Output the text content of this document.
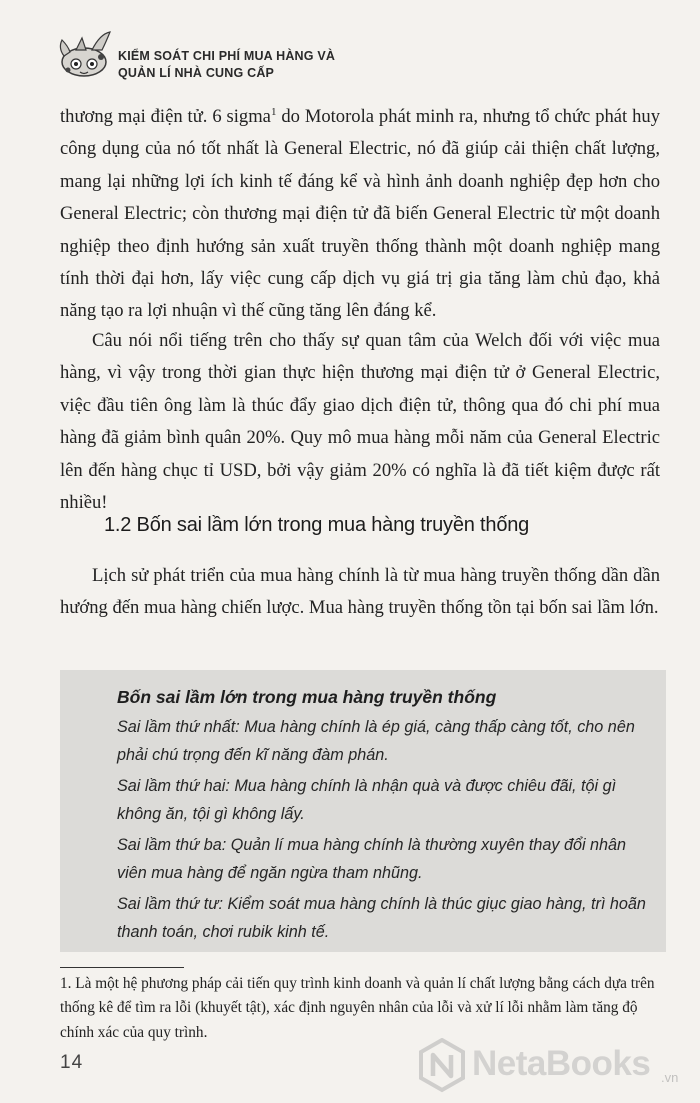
KIỂM SOÁT CHI PHÍ MUA HÀNG VÀ
QUẢN LÍ NHÀ CUNG CẤP

thương mại điện tử. 6 sigma$^1$ do Motorola phát minh ra, nhưng tổ chức phát huy công dụng của nó tốt nhất là General Electric, nó đã giúp cải thiện chất lượng, mang lại những lợi ích kinh tế đáng kể và hình ảnh doanh nghiệp đẹp hơn cho General Electric; còn thương mại điện tử đã biến General Electric từ một doanh nghiệp theo định hướng sản xuất truyền thống thành một doanh nghiệp mang tính thời đại hơn, lấy việc cung cấp dịch vụ giá trị gia tăng làm chủ đạo, khả năng tạo ra lợi nhuận vì thế cũng tăng lên đáng kể.

Câu nói nổi tiếng trên cho thấy sự quan tâm của Welch đối với việc mua hàng, vì vậy trong thời gian thực hiện thương mại điện tử ở General Electric, việc đầu tiên ông làm là thúc đẩy giao dịch điện tử, thông qua đó chi phí mua hàng đã giảm bình quân 20%. Quy mô mua hàng mỗi năm của General Electric lên đến hàng chục tỉ USD, bởi vậy giảm 20% có nghĩa là đã tiết kiệm được rất nhiều!

1.2 Bốn sai lầm lớn trong mua hàng truyền thống

Lịch sử phát triển của mua hàng chính là từ mua hàng truyền thống dần dần hướng đến mua hàng chiến lược. Mua hàng truyền thống tồn tại bốn sai lầm lớn.

Bốn sai lầm lớn trong mua hàng truyền thống

Sai lầm thứ nhất: Mua hàng chính là ép giá, càng thấp càng tốt, cho nên phải chú trọng đến kĩ năng đàm phán.

Sai lầm thứ hai: Mua hàng chính là nhận quà và được chiêu đãi, tội gì không ăn, tội gì không lấy.

Sai lầm thứ ba: Quản lí mua hàng chính là thường xuyên thay đổi nhân viên mua hàng để ngăn ngừa tham nhũng.

Sai lầm thứ tư: Kiểm soát mua hàng chính là thúc giục giao hàng, trì hoãn thanh toán, chơi rubik kinh tế.

1. Là một hệ phương pháp cải tiến quy trình kinh doanh và quản lí chất lượng bằng cách dựa trên thống kê để tìm ra lỗi (khuyết tật), xác định nguyên nhân của lỗi và xử lí lỗi nhằm làm tăng độ chính xác của quy trình.
14	NetaBooks .vn
